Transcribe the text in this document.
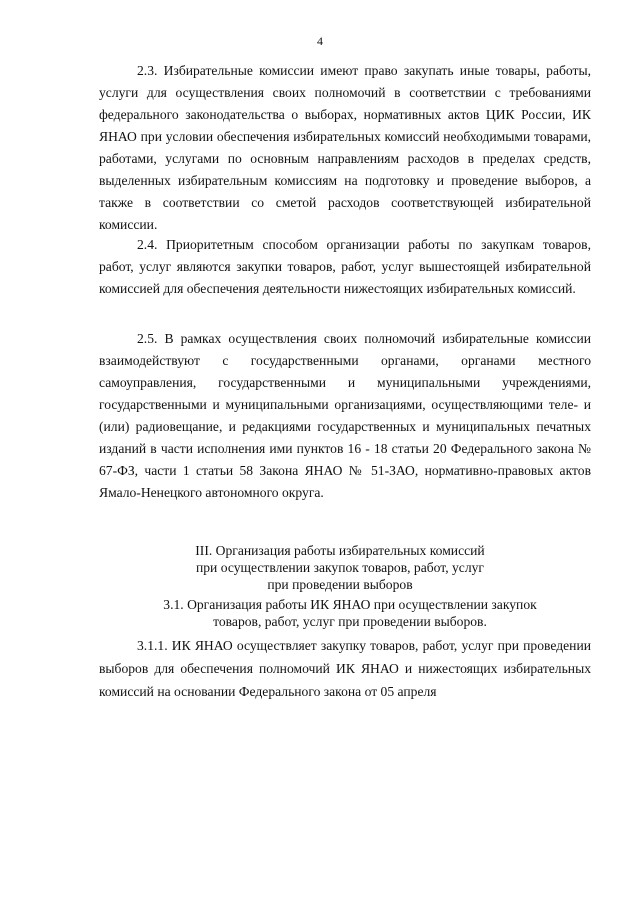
4

2.3. Избирательные комиссии имеют право закупать иные товары, работы, услуги для осуществления своих полномочий в соответствии с требованиями федерального законодательства о выборах, нормативных актов ЦИК России, ИК ЯНАО при условии обеспечения избирательных комиссий необходимыми товарами, работами, услугами по основным направлениям расходов в пределах средств, выделенных избирательным комиссиям на подготовку и проведение выборов, а также в соответствии со сметой расходов соответствующей избирательной комиссии.

2.4. Приоритетным способом организации работы по закупкам товаров, работ, услуг являются закупки товаров, работ, услуг вышестоящей избирательной комиссией для обеспечения деятельности нижестоящих избирательных комиссий.

2.5. В рамках осуществления своих полномочий избирательные комиссии взаимодействуют с государственными органами, органами местного самоуправления, государственными и муниципальными учреждениями, государственными и муниципальными организациями, осуществляющими теле- и (или) радиовещание, и редакциями государственных и муниципальных печатных изданий в части исполнения ими пунктов 16 - 18 статьи 20 Федерального закона № 67-ФЗ, части 1 статьи 58 Закона ЯНАО № 51-ЗАО, нормативно-правовых актов Ямало-Ненецкого автономного округа.

III. Организация работы избирательных комиссий
при осуществлении закупок товаров, работ, услуг
при проведении выборов
3.1. Организация работы ИК ЯНАО при осуществлении закупок
товаров, работ, услуг при проведении выборов.

3.1.1. ИК ЯНАО осуществляет закупку товаров, работ, услуг при проведении выборов для обеспечения полномочий ИК ЯНАО и нижестоящих избирательных комиссий на основании Федерального закона от 05 апреля
